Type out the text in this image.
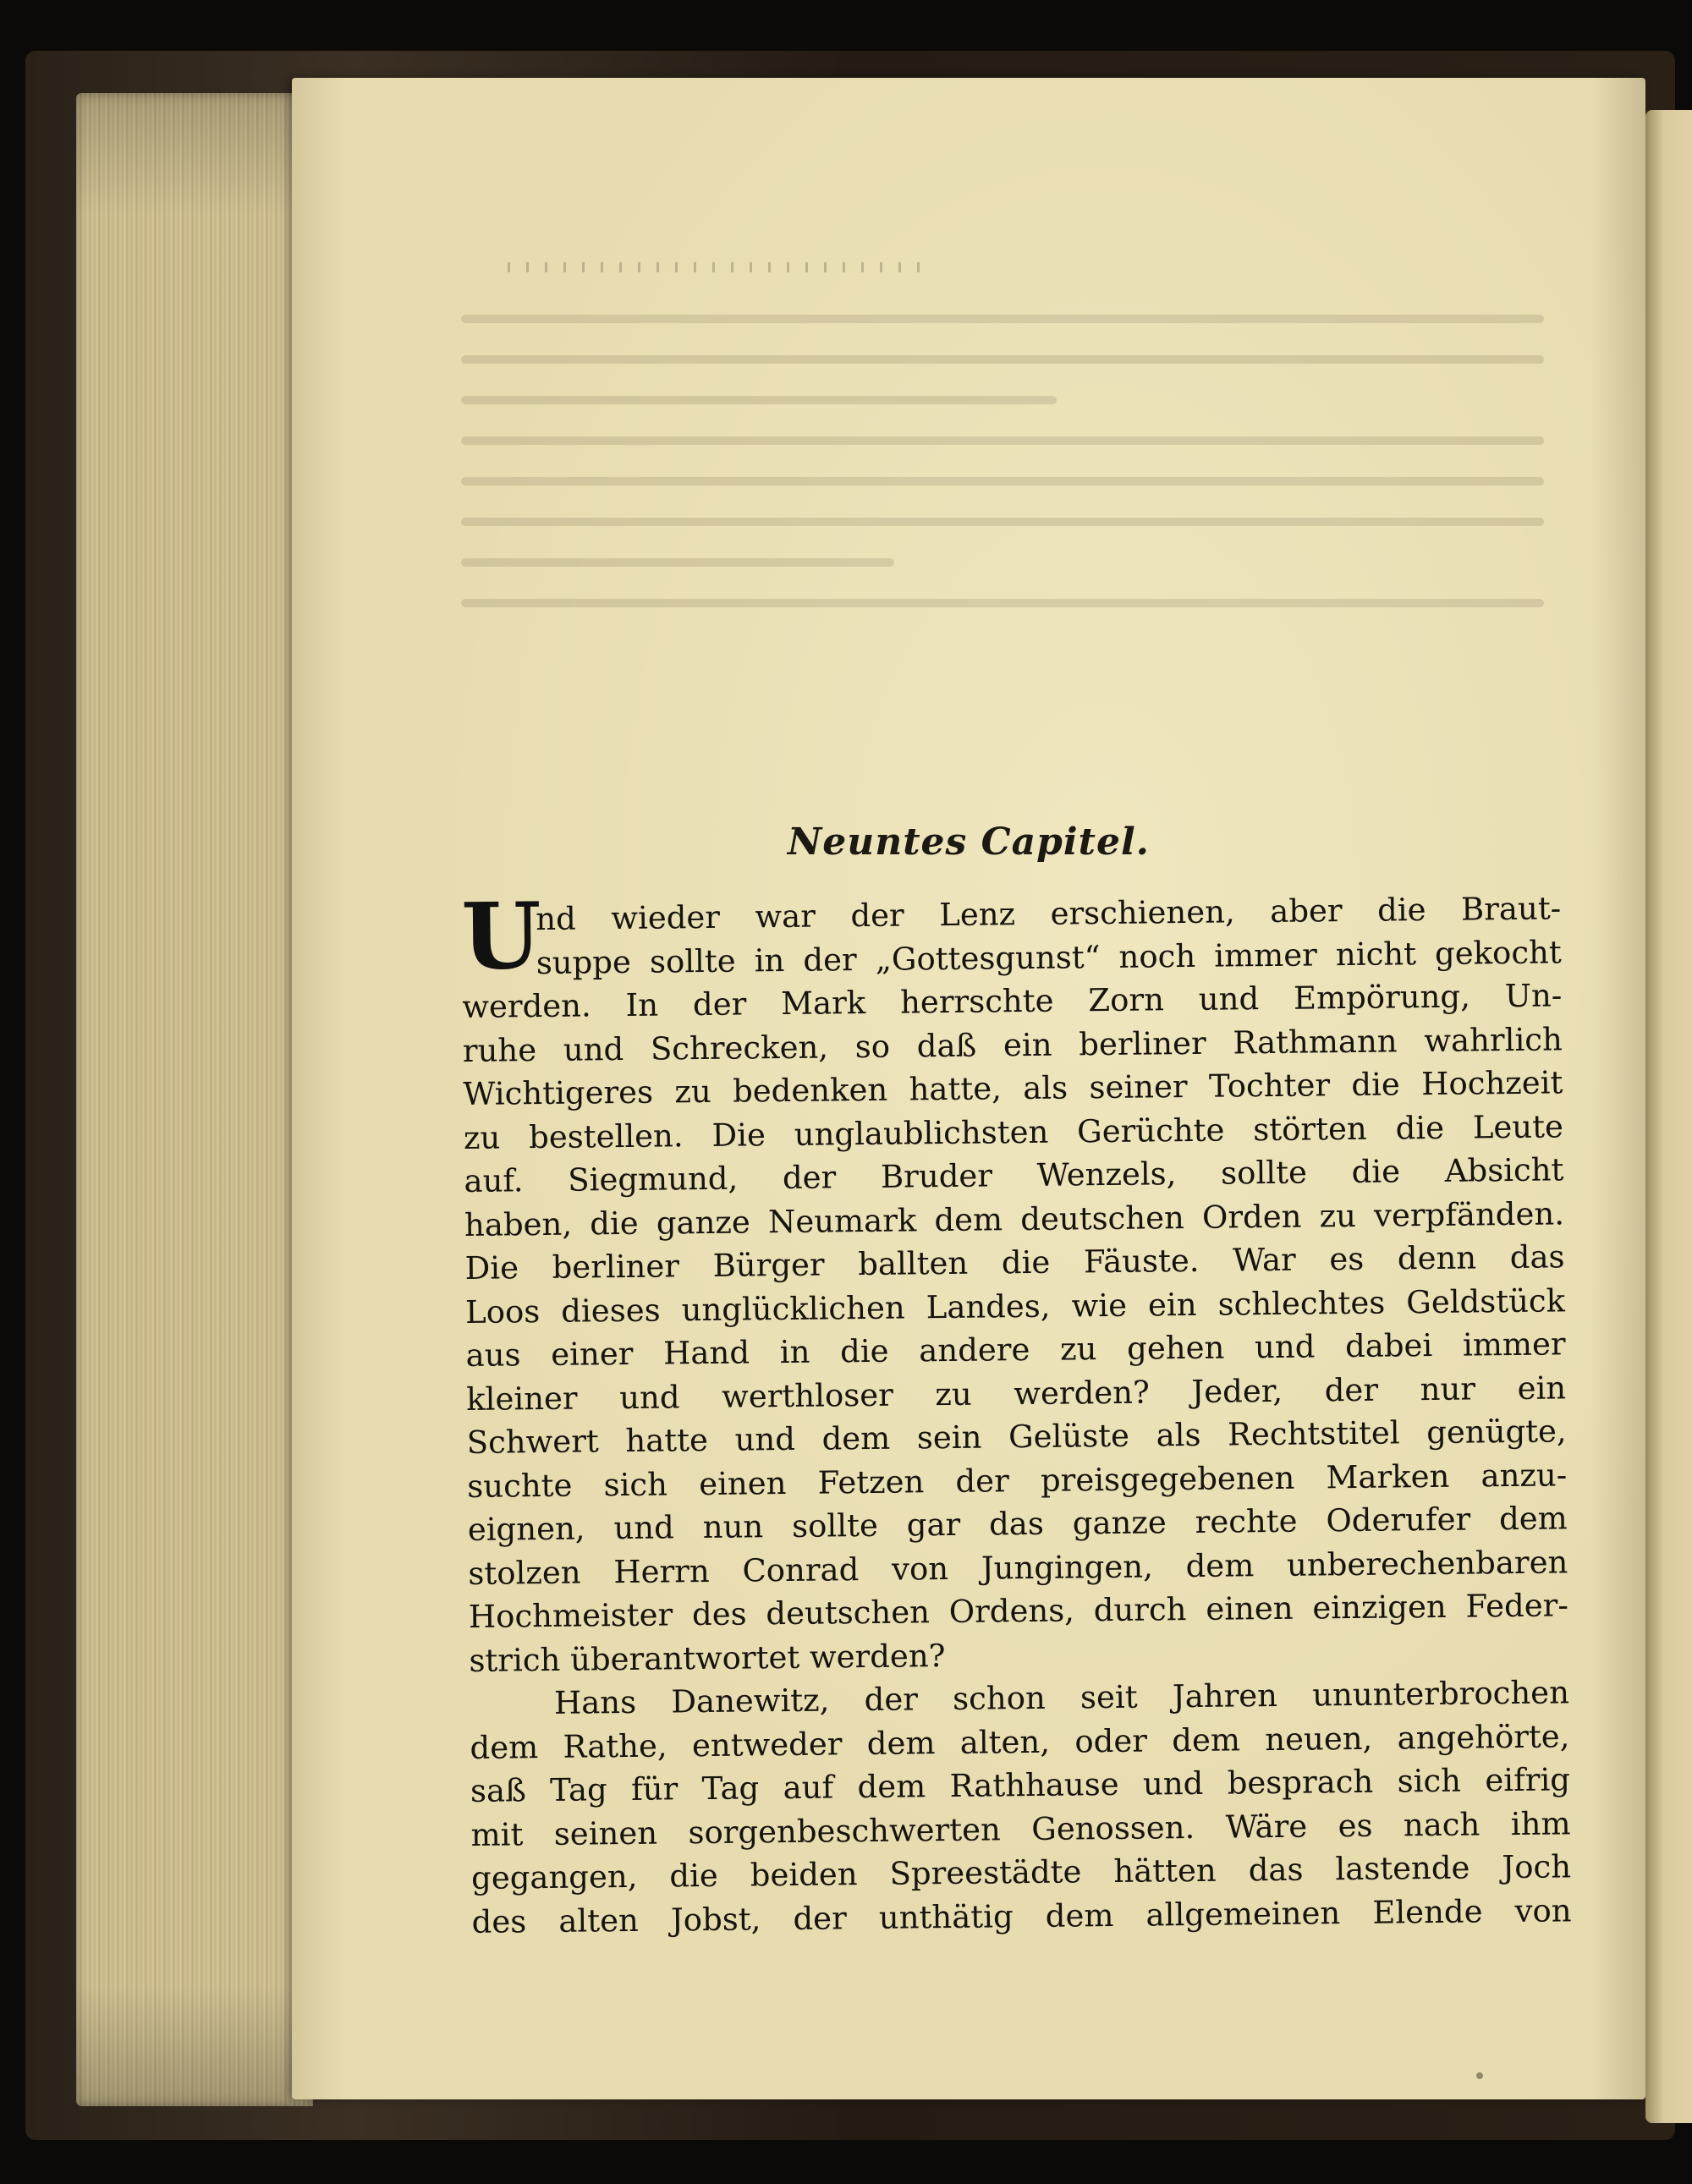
Neuntes Capitel.
U
nd wieder war der Lenz erschienen, aber die Braut-
suppe sollte in der „Gottesgunst“ noch immer nicht gekocht
werden. In der Mark herrschte Zorn und Empörung, Un-
ruhe und Schrecken, so daß ein berliner Rathmann wahrlich
Wichtigeres zu bedenken hatte, als seiner Tochter die Hochzeit
zu bestellen. Die unglaublichsten Gerüchte störten die Leute
auf. Siegmund, der Bruder Wenzels, sollte die Absicht
haben, die ganze Neumark dem deutschen Orden zu verpfänden.
Die berliner Bürger ballten die Fäuste. War es denn das
Loos dieses unglücklichen Landes, wie ein schlechtes Geldstück
aus einer Hand in die andere zu gehen und dabei immer
kleiner und werthloser zu werden? Jeder, der nur ein
Schwert hatte und dem sein Gelüste als Rechtstitel genügte,
suchte sich einen Fetzen der preisgegebenen Marken anzu-
eignen, und nun sollte gar das ganze rechte Oderufer dem
stolzen Herrn Conrad von Jungingen, dem unberechenbaren
Hochmeister des deutschen Ordens, durch einen einzigen Feder-
strich überantwortet werden?
Hans Danewitz, der schon seit Jahren ununterbrochen
dem Rathe, entweder dem alten, oder dem neuen, angehörte,
saß Tag für Tag auf dem Rathhause und besprach sich eifrig
mit seinen sorgenbeschwerten Genossen. Wäre es nach ihm
gegangen, die beiden Spreestädte hätten das lastende Joch
des alten Jobst, der unthätig dem allgemeinen Elende von
